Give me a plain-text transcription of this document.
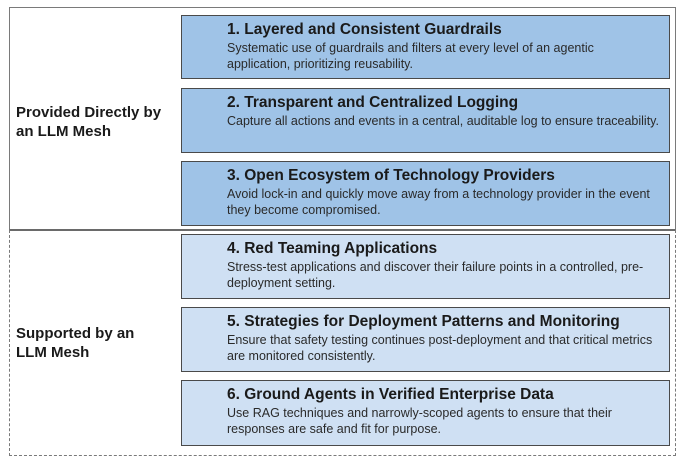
Provided Directly by an LLM Mesh
Supported by an LLM Mesh
1. Layered and Consistent Guardrails
Systematic use of guardrails and filters at every level of an agentic application, prioritizing reusability.
2. Transparent and Centralized Logging
Capture all actions and events in a central, auditable log to ensure traceability.
3. Open Ecosystem of Technology Providers
Avoid lock-in and quickly move away from a technology provider in the event they become compromised.
4. Red Teaming Applications
Stress-test applications and discover their failure points in a controlled, pre-deployment setting.
5. Strategies for Deployment Patterns and Monitoring
Ensure that safety testing continues post-deployment and that critical metrics are monitored consistently.
6. Ground Agents in Verified Enterprise Data
Use RAG techniques and narrowly-scoped agents to ensure that their responses are safe and fit for purpose.
